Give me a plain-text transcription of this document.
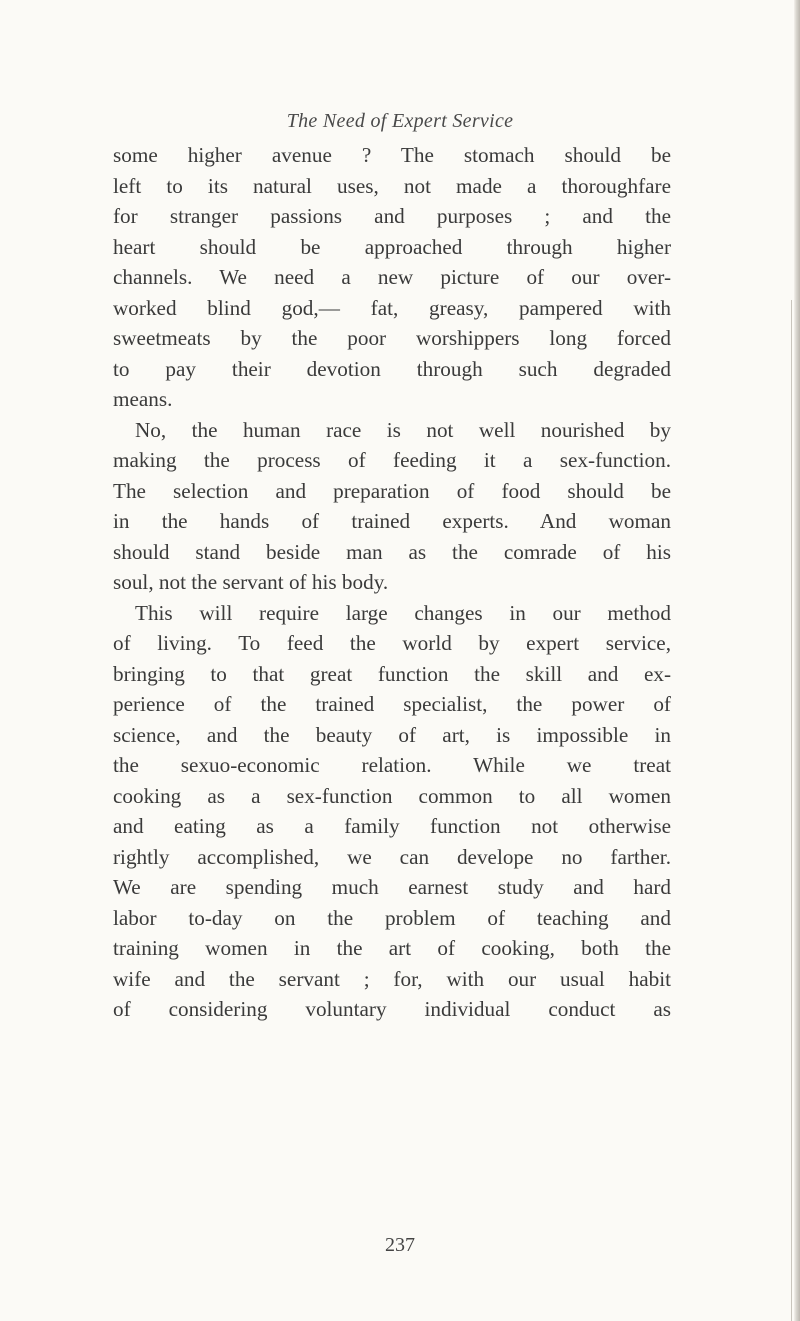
The Need of Expert Service
some higher avenue ? The stomach should be
left to its natural uses, not made a thoroughfare
for stranger passions and purposes ; and the
heart should be approached through higher
channels. We need a new picture of our over-
worked blind god,— fat, greasy, pampered with
sweetmeats by the poor worshippers long forced
to pay their devotion through such degraded
means.
No, the human race is not well nourished by
making the process of feeding it a sex-function.
The selection and preparation of food should be
in the hands of trained experts. And woman
should stand beside man as the comrade of his
soul, not the servant of his body.
This will require large changes in our method
of living. To feed the world by expert service,
bringing to that great function the skill and ex-
perience of the trained specialist, the power of
science, and the beauty of art, is impossible in
the sexuo-economic relation. While we treat
cooking as a sex-function common to all women
and eating as a family function not otherwise
rightly accomplished, we can develope no farther.
We are spending much earnest study and hard
labor to-day on the problem of teaching and
training women in the art of cooking, both the
wife and the servant ; for, with our usual habit
of considering voluntary individual conduct as
237
